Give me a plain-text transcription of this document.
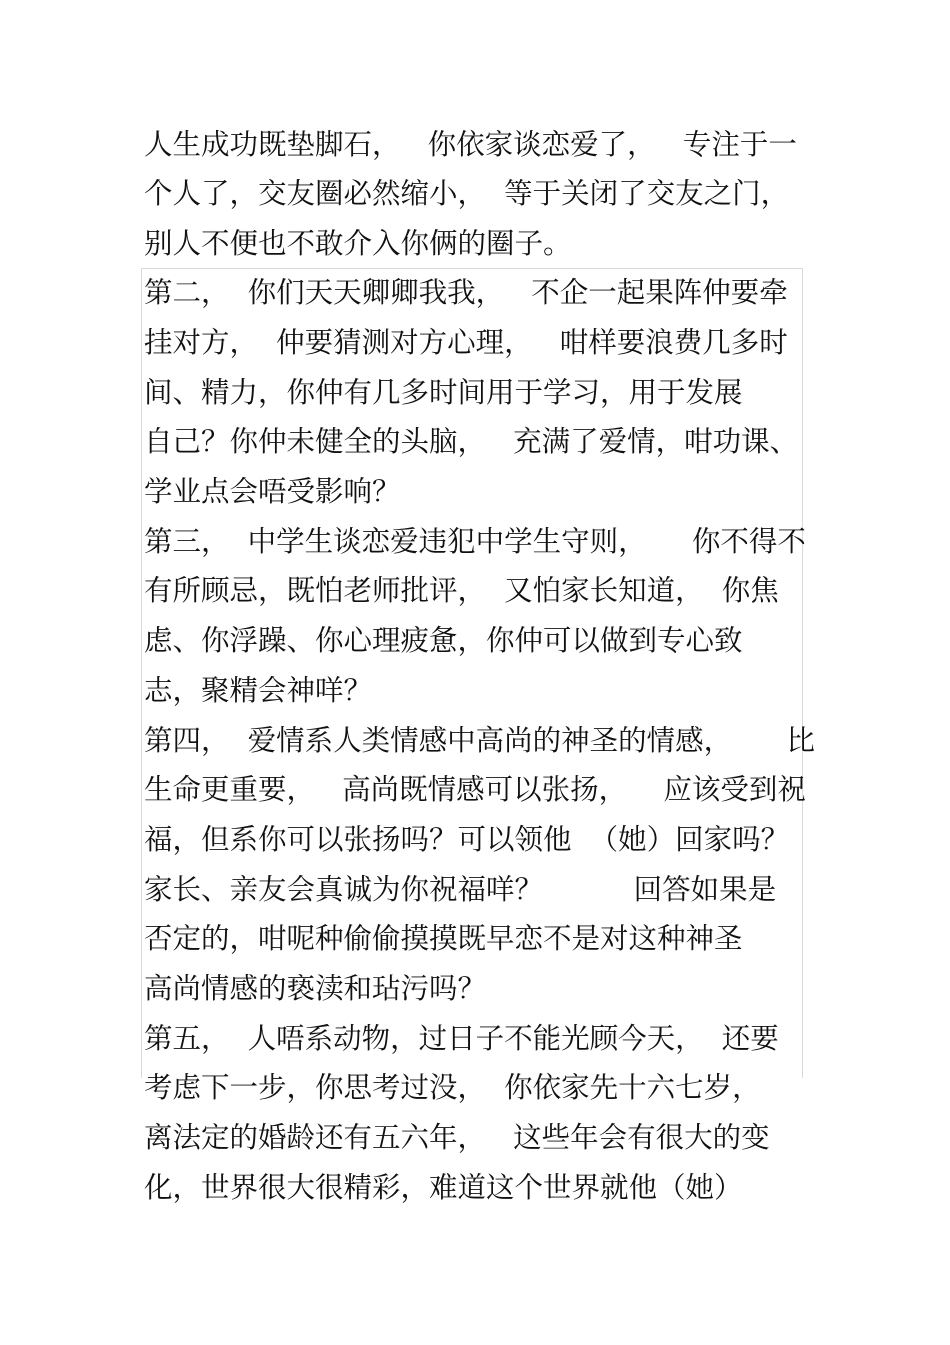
人生成功既垫脚石，   你依家谈恋爱了，   专注于一
个人了，交友圈必然缩小，  等于关闭了交友之门，
别人不便也不敢介入你俩的圈子。
第二，  你们天天卿卿我我，   不企一起果阵仲要牵
挂对方，  仲要猜测对方心理，   咁样要浪费几多时
间、精力，你仲有几多时间用于学习，用于发展
自己？你仲未健全的头脑，   充满了爱情，咁功课、
学业点会唔受影响？
第三，  中学生谈恋爱违犯中学生守则，     你不得不
有所顾忌，既怕老师批评，  又怕家长知道，  你焦
虑、你浮躁、你心理疲惫，你仲可以做到专心致
志，聚精会神咩？
第四，  爱情系人类情感中高尚的神圣的情感，      比
生命更重要，   高尚既情感可以张扬，    应该受到祝
福，但系你可以张扬吗？可以领他  （她）回家吗？
家长、亲友会真诚为你祝福咩？          回答如果是
否定的，咁呢种偷偷摸摸既早恋不是对这种神圣
高尚情感的亵渎和玷污吗？
第五，  人唔系动物，过日子不能光顾今天，  还要
考虑下一步，你思考过没，  你依家先十六七岁，
离法定的婚龄还有五六年，   这些年会有很大的变
化，世界很大很精彩，难道这个世界就他（她）
